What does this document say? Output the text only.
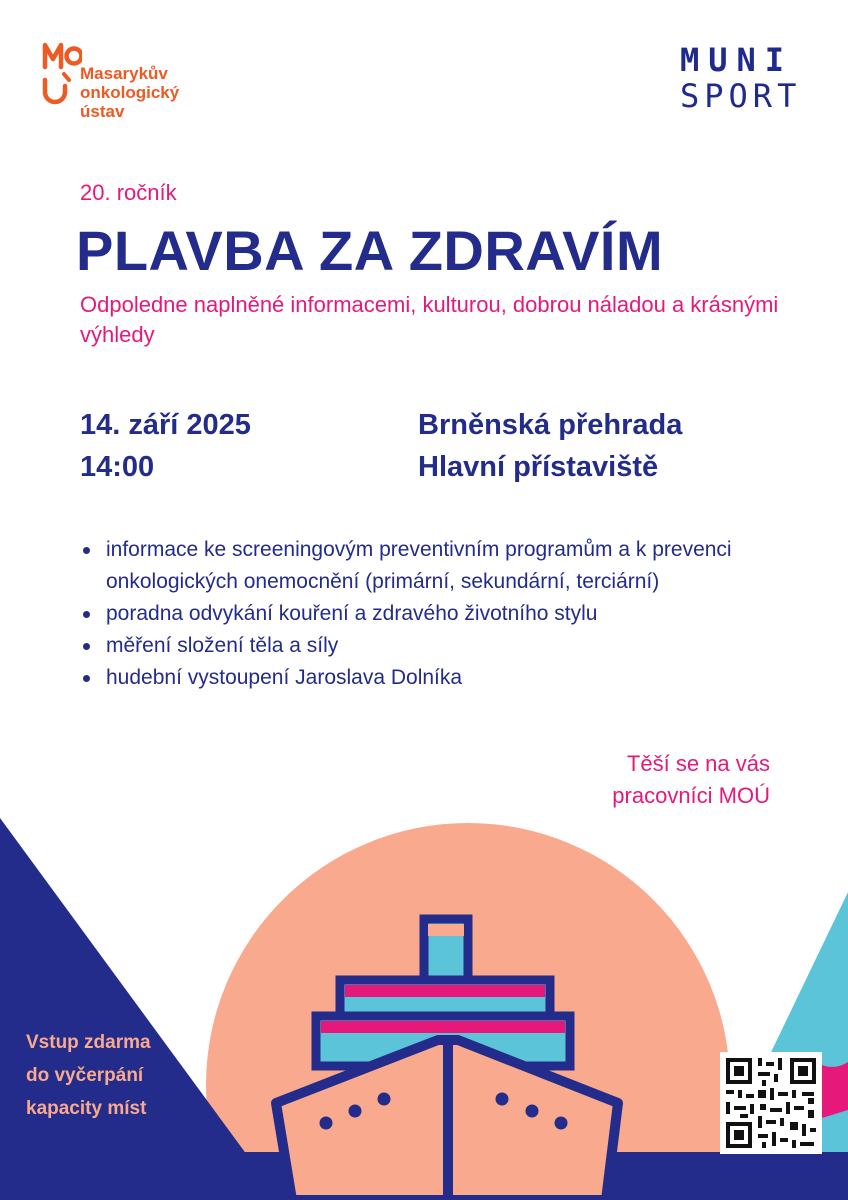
Masarykův
onkologický
ústav
MUNI
SPORT
20. ročník
PLAVBA ZA ZDRAVÍM
Odpoledne naplněné informacemi, kulturou, dobrou náladou a krásnými výhledy
14. září 2025
14:00
Brněnská přehrada
Hlavní přístaviště
informace ke screeningovým preventivním programům a k prevenci onkologických onemocnění (primární, sekundární, terciární)
poradna odvykání kouření a zdravého životního stylu
měření složení těla a síly
hudební vystoupení Jaroslava Dolníka
Těší se na vás
pracovníci MOÚ
Vstup zdarma
do vyčerpání
kapacity míst
